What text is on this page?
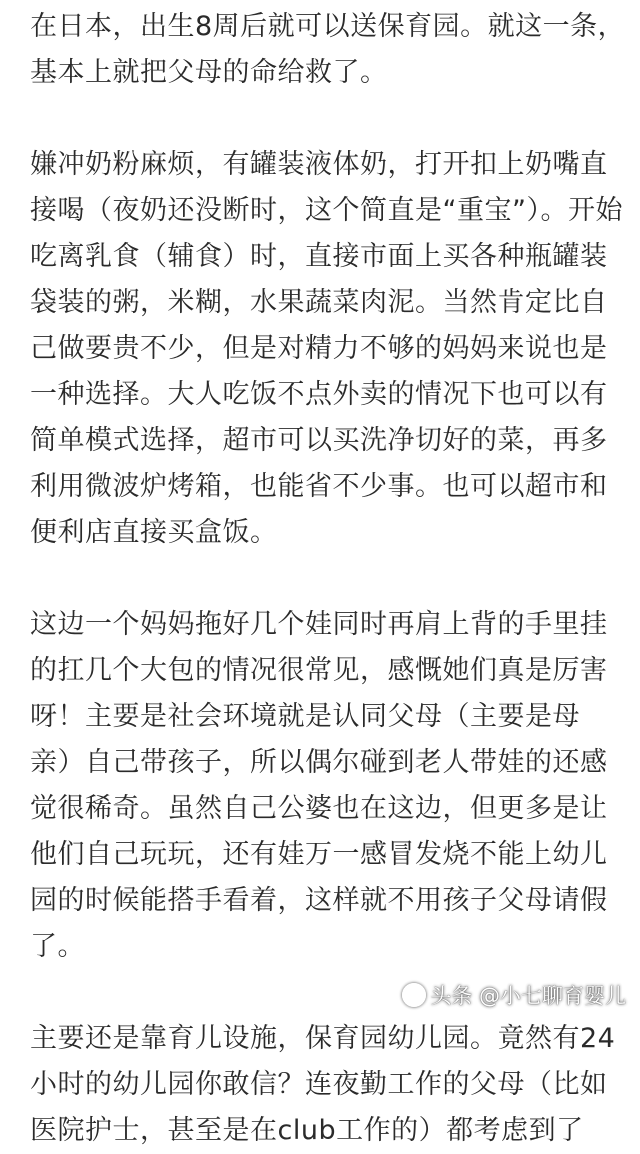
在日本，出生8周后就可以送保育园。就这一条，
基本上就把父母的命给救了。
嫌冲奶粉麻烦，有罐装液体奶，打开扣上奶嘴直
接喝（夜奶还没断时，这个简直是“重宝”）。开始
吃离乳食（辅食）时，直接市面上买各种瓶罐装
袋装的粥，米糊，水果蔬菜肉泥。当然肯定比自
己做要贵不少，但是对精力不够的妈妈来说也是
一种选择。大人吃饭不点外卖的情况下也可以有
简单模式选择，超市可以买洗净切好的菜，再多
利用微波炉烤箱，也能省不少事。也可以超市和
便利店直接买盒饭。
这边一个妈妈拖好几个娃同时再肩上背的手里挂
的扛几个大包的情况很常见，感慨她们真是厉害
呀！主要是社会环境就是认同父母（主要是母
亲）自己带孩子，所以偶尔碰到老人带娃的还感
觉很稀奇。虽然自己公婆也在这边，但更多是让
他们自己玩玩，还有娃万一感冒发烧不能上幼儿
园的时候能搭手看着，这样就不用孩子父母请假
了。
主要还是靠育儿设施，保育园幼儿园。竟然有24
小时的幼儿园你敢信？连夜勤工作的父母（比如
医院护士，甚至是在club工作的）都考虑到了
头条 @小七聊育婴儿
